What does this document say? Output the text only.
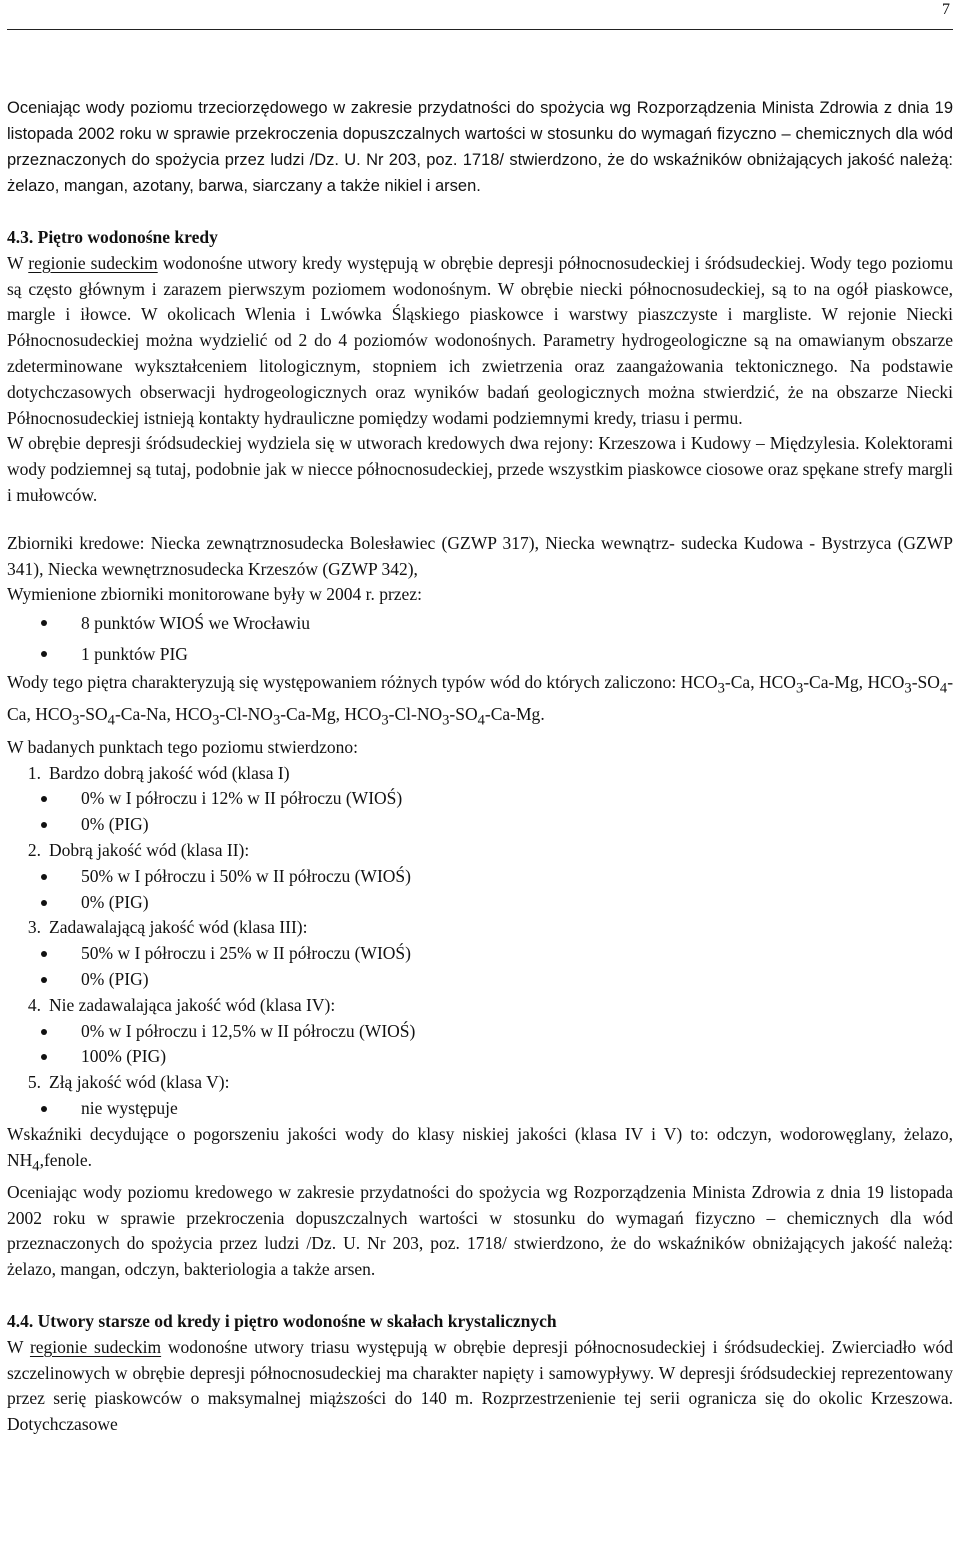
7

Oceniając wody poziomu trzeciorzędowego w zakresie przydatności do spożycia wg Rozporządzenia Minista Zdrowia z dnia 19 listopada 2002 roku w sprawie przekroczenia dopuszczalnych wartości w stosunku do wymagań fizyczno – chemicznych dla wód przeznaczonych do spożycia przez ludzi /Dz. U. Nr 203, poz. 1718/ stwierdzono, że do wskaźników obniżających jakość należą: żelazo, mangan, azotany, barwa, siarczany a także nikiel i arsen.

4.3. Piętro wodonośne kredy

W regionie sudeckim wodonośne utwory kredy występują w obrębie depresji północnosudeckiej i śródsudeckiej. Wody tego poziomu są często głównym i zarazem pierwszym poziomem wodonośnym. W obrębie niecki północnosudeckiej, są to na ogół piaskowce, margle i iłowce. W okolicach Wlenia i Lwówka Śląskiego piaskowce i warstwy piaszczyste i margliste. W rejonie Niecki Północnosudeckiej można wydzielić od 2 do 4 poziomów wodonośnych. Parametry hydrogeologiczne są na omawianym obszarze zdeterminowane wykształceniem litologicznym, stopniem ich zwietrzenia oraz zaangażowania tektonicznego. Na podstawie dotychczasowych obserwacji hydrogeologicznych oraz wyników badań geologicznych można stwierdzić, że na obszarze Niecki Północnosudeckiej istnieją kontakty hydrauliczne pomiędzy wodami podziemnymi kredy, triasu i permu.

W obrębie depresji śródsudeckiej wydziela się w utworach kredowych dwa rejony: Krzeszowa i Kudowy – Międzylesia. Kolektorami wody podziemnej są tutaj, podobnie jak w niecce północnosudeckiej, przede wszystkim piaskowce ciosowe oraz spękane strefy margli i mułowców.

Zbiorniki kredowe: Niecka zewnątrznosudecka Bolesławiec (GZWP 317), Niecka wewnątrz- sudecka Kudowa - Bystrzyca (GZWP 341), Niecka wewnętrznosudecka Krzeszów (GZWP 342),

Wymienione zbiorniki monitorowane były w 2004 r. przez:

8 punktów WIOŚ we Wrocławiu
1 punktów PIG

Wody tego piętra charakteryzują się występowaniem różnych typów wód do których zaliczono: $HCO_3-Ca$, $HCO_3-Ca-Mg$, $HCO_3-SO_4-Ca$, $HCO_3-SO_4-Ca-Na$, $HCO_3-Cl-NO_3-Ca-Mg$, $HCO_3-Cl-NO_3-SO_4-Ca-Mg$.

W badanych punktach tego poziomu stwierdzono:

1. Bardzo dobrą jakość wód (klasa I)
0% w I półroczu i 12% w II półroczu (WIOŚ)
0% (PIG)
2. Dobrą jakość wód (klasa II):
50% w I półroczu i 50% w II półroczu (WIOŚ)
0% (PIG)
3. Zadawalającą jakość wód (klasa III):
50% w I półroczu i 25% w II półroczu (WIOŚ)
0% (PIG)
4. Nie zadawalająca jakość wód (klasa IV):
0% w I półroczu i 12,5% w II półroczu (WIOŚ)
100% (PIG)
5. Złą jakość wód (klasa V):
nie występuje

Wskaźniki decydujące o pogorszeniu jakości wody do klasy niskiej jakości (klasa IV i V) to: odczyn, wodorowęglany, żelazo, $NH_4,fenole$.

Oceniając wody poziomu kredowego w zakresie przydatności do spożycia wg Rozporządzenia Minista Zdrowia z dnia 19 listopada 2002 roku w sprawie przekroczenia dopuszczalnych wartości w stosunku do wymagań fizyczno – chemicznych dla wód przeznaczonych do spożycia przez ludzi /Dz. U. Nr 203, poz. 1718/ stwierdzono, że do wskaźników obniżających jakość należą: żelazo, mangan, odczyn, bakteriologia a także arsen.

4.4. Utwory starsze od kredy i piętro wodonośne w skałach krystalicznych

W regionie sudeckim wodonośne utwory triasu występują w obrębie depresji północnosudeckiej i śródsudeckiej. Zwierciadło wód szczelinowych w obrębie depresji północnosudeckiej ma charakter napięty i samowypływy. W depresji śródsudeckiej reprezentowany przez serię piaskowców o maksymalnej miąższości do 140 m. Rozprzestrzenienie tej serii ogranicza się do okolic Krzeszowa. Dotychczasowe
